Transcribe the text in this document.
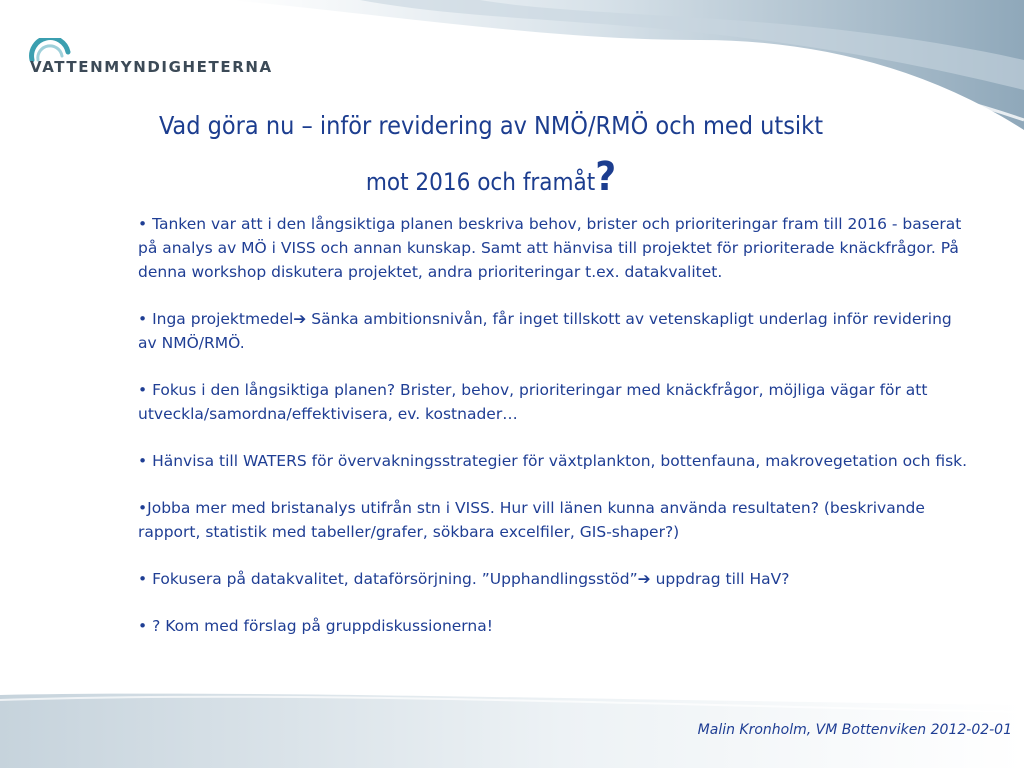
VATTENMYNDIGHETERNA
Vad göra nu – inför revidering av NMÖ/RMÖ och med utsikt
mot 2016 och framåt?
• Tanken var att i den långsiktiga planen beskriva behov, brister och prioriteringar fram till 2016 - baserat på analys av MÖ i VISS och annan kunskap. Samt att hänvisa till projektet för prioriterade knäckfrågor. På denna workshop diskutera projektet, andra prioriteringar t.ex. datakvalitet.
• Inga projektmedel➔ Sänka ambitionsnivån, får inget tillskott av vetenskapligt underlag inför revidering av NMÖ/RMÖ.
• Fokus i den långsiktiga planen? Brister, behov, prioriteringar med knäckfrågor, möjliga vägar för att utveckla/samordna/effektivisera, ev. kostnader…
• Hänvisa till WATERS för övervakningsstrategier för växtplankton, bottenfauna, makrovegetation och fisk.
•Jobba mer med bristanalys utifrån stn i VISS. Hur vill länen kunna använda resultaten? (beskrivande rapport, statistik med tabeller/grafer, sökbara excelfiler, GIS-shaper?)
• Fokusera på datakvalitet, dataförsörjning. ”Upphandlingsstöd”➔ uppdrag till HaV?
• ? Kom med förslag på gruppdiskussionerna!
Malin Kronholm, VM Bottenviken 2012-02-01
